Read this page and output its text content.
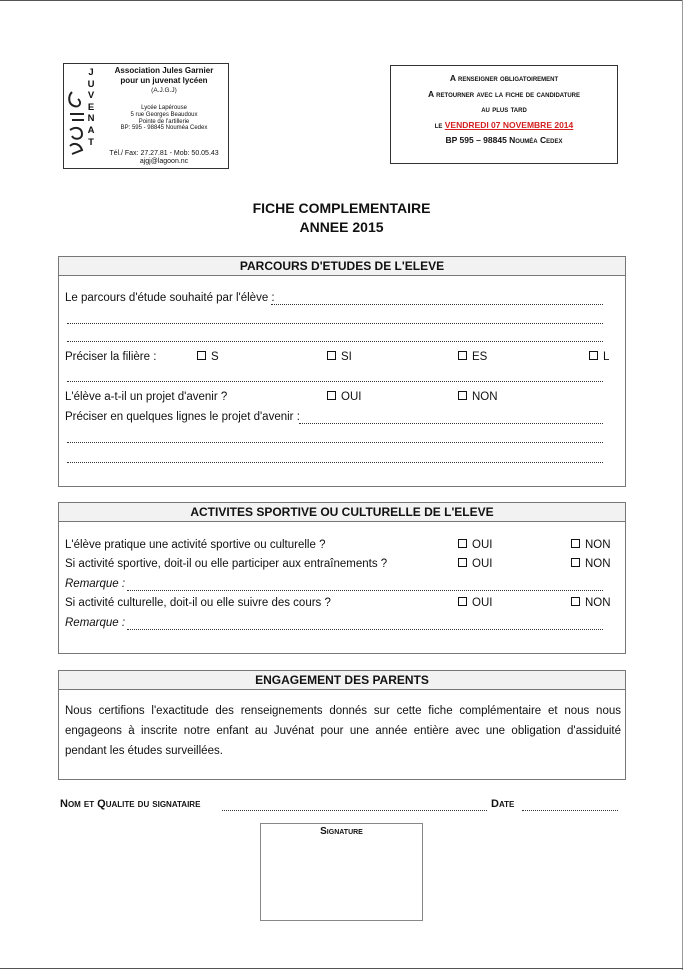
J
U
V
E
N
A
T
Association Jules Garnier
pour un juvenat lycéen
(A.J.G.J)
Lycée Lapérouse
5 rue Georges Beaudoux
Pointe de l'artillerie
BP: 595 - 98845 Nouméa Cedex
Tél./ Fax: 27.27.81 - Mob: 50.05.43
ajgj@lagoon.nc
A renseigner obligatoirement
A retourner avec la fiche de candidature
au plus tard
le VENDREDI 07 NOVEMBRE 2014
BP 595 – 98845 Nouméa Cedex
FICHE COMPLEMENTAIRE
ANNEE 2015
PARCOURS D'ETUDES DE L'ELEVE
Le parcours d'étude souhaité par l'élève :
Préciser la filière :	S	SI	ES	L
L'élève a-t-il un projet d'avenir ?	OUI	NON
Préciser en quelques lignes le projet d'avenir :
ACTIVITES SPORTIVE OU CULTURELLE DE L'ELEVE
L'élève pratique une activité sportive ou culturelle ?	OUI	NON
Si activité sportive, doit-il ou elle participer aux entraînements ?	OUI	NON
Remarque :
Si activité culturelle, doit-il ou elle suivre des cours ?	OUI	NON
Remarque :
ENGAGEMENT DES PARENTS
Nous certifions l'exactitude des renseignements donnés sur cette fiche complémentaire et nous nous engageons à inscrite notre enfant au Juvénat pour une année entière avec une obligation d'assiduité pendant les études surveillées.
Nom et Qualite du signataire	Date
Signature
